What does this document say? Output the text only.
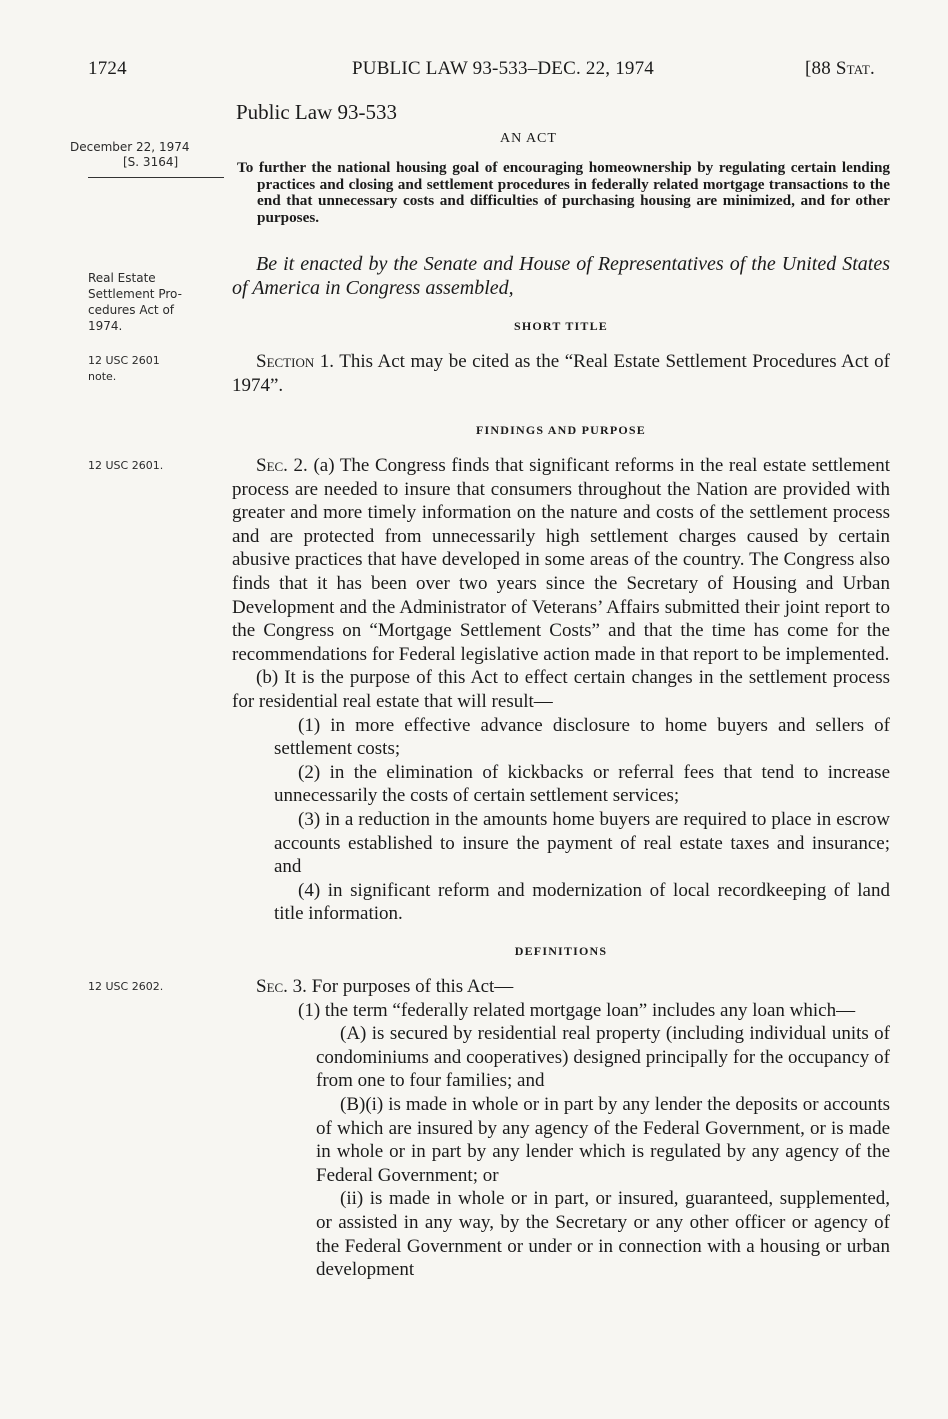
1724	PUBLIC LAW 93-533–DEC. 22, 1974	[88 Stat.
Public Law 93-533
AN ACT
December 22, 1974
[S. 3164]	To further the national housing goal of encouraging homeownership by regulating certain lending practices and closing and settlement procedures in federally related mortgage transactions to the end that unnecessary costs and difficulties of purchasing housing are minimized, and for other purposes.
Be it enacted by the Senate and House of Representatives of the United States of America in Congress assembled,
Real Estate
Settlement Pro-
cedures Act of
1974.	SHORT TITLE
12 USC 2601
note.
Section 1. This Act may be cited as the “Real Estate Settlement Procedures Act of 1974”.
FINDINGS AND PURPOSE
12 USC 2601.	Sec. 2. (a) The Congress finds that significant reforms in the real estate settlement process are needed to insure that consumers throughout the Nation are provided with greater and more timely information on the nature and costs of the settlement process and are protected from unnecessarily high settlement charges caused by certain abusive practices that have developed in some areas of the country. The Congress also finds that it has been over two years since the Secretary of Housing and Urban Development and the Administrator of Veterans’ Affairs submitted their joint report to the Congress on “Mortgage Settlement Costs” and that the time has come for the recommendations for Federal legislative action made in that report to be implemented.

(b) It is the purpose of this Act to effect certain changes in the settlement process for residential real estate that will result—

(1) in more effective advance disclosure to home buyers and sellers of settlement costs;

(2) in the elimination of kickbacks or referral fees that tend to increase unnecessarily the costs of certain settlement services;

(3) in a reduction in the amounts home buyers are required to place in escrow accounts established to insure the payment of real estate taxes and insurance; and

(4) in significant reform and modernization of local recordkeeping of land title information.

DEFINITIONS
12 USC 2602.	Sec. 3. For purposes of this Act—

(1) the term “federally related mortgage loan” includes any loan which—

(A) is secured by residential real property (including individual units of condominiums and cooperatives) designed principally for the occupancy of from one to four families; and

(B)(i) is made in whole or in part by any lender the deposits or accounts of which are insured by any agency of the Federal Government, or is made in whole or in part by any lender which is regulated by any agency of the Federal Government; or

(ii) is made in whole or in part, or insured, guaranteed, supplemented, or assisted in any way, by the Secretary or any other officer or agency of the Federal Government or under or in connection with a housing or urban development
